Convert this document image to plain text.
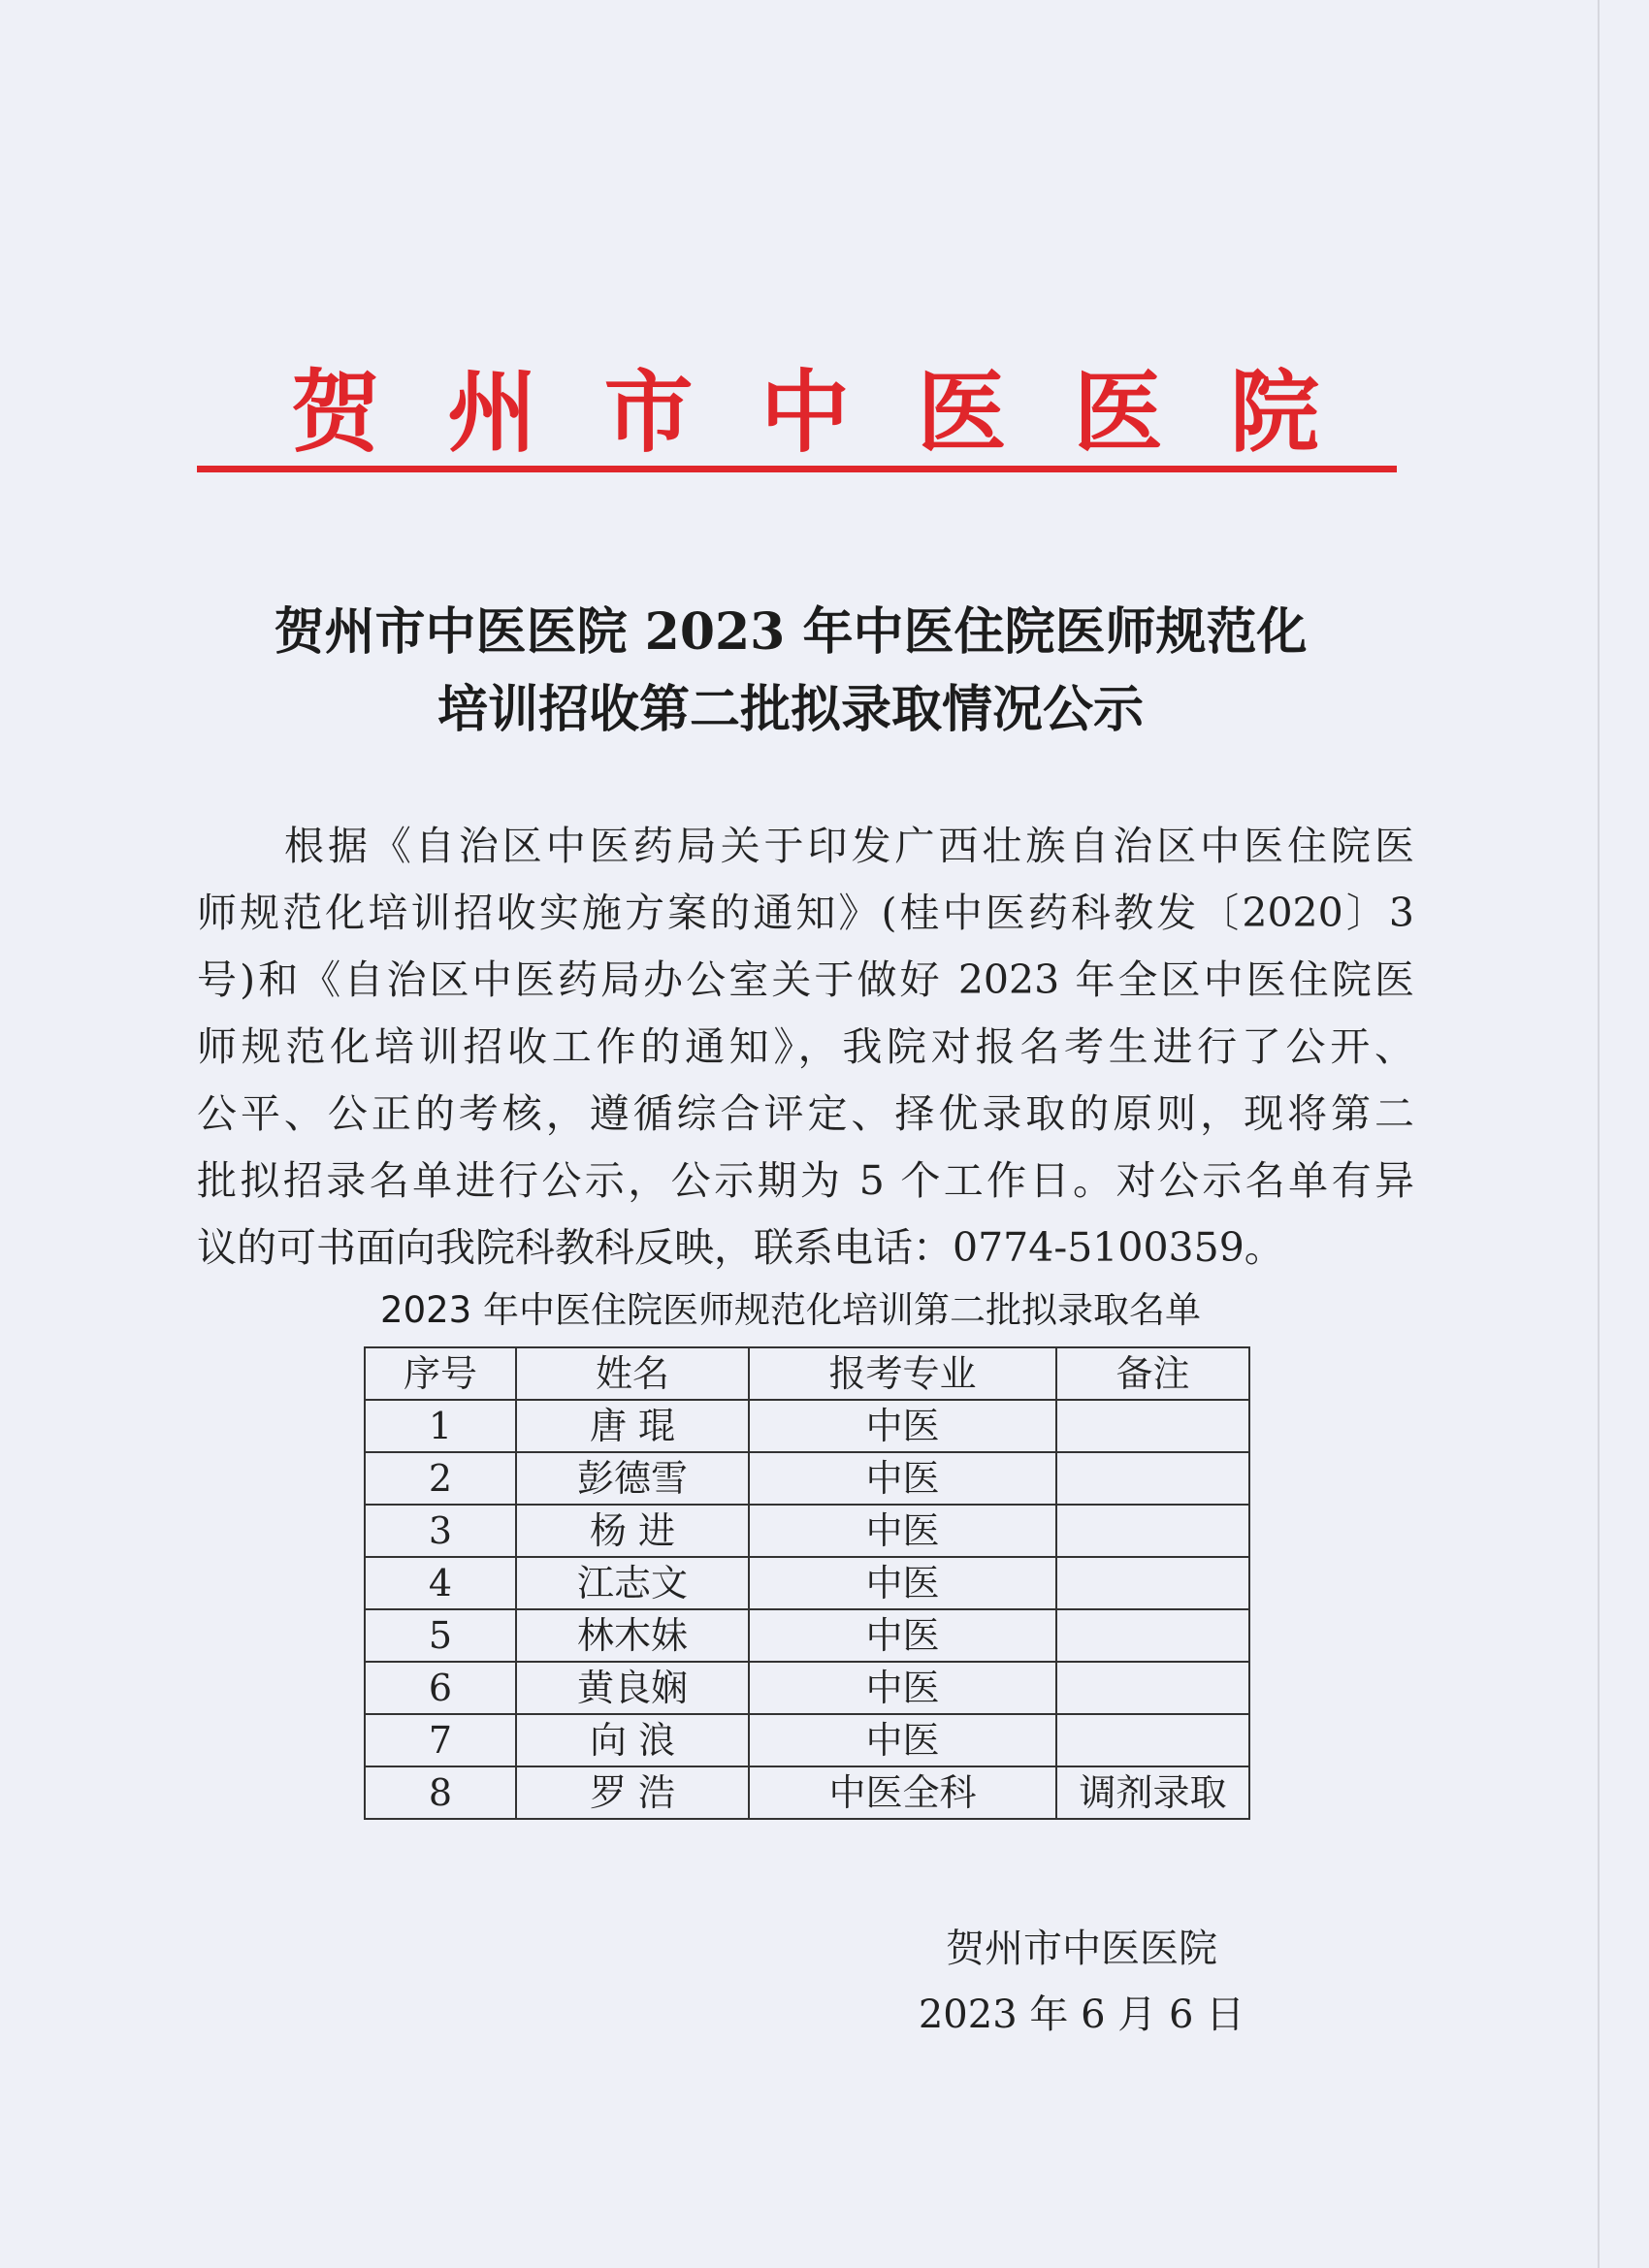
贺 州 市 中 医 医 院
贺州市中医医院 2023 年中医住院医师规范化
培训招收第二批拟录取情况公示
根据《自治区中医药局关于印发广西壮族自治区中医住院医
师规范化培训招收实施方案的通知》(桂中医药科教发〔2020〕3
号)和《自治区中医药局办公室关于做好 2023 年全区中医住院医
师规范化培训招收工作的通知》，我院对报名考生进行了公开、
公平、公正的考核，遵循综合评定、择优录取的原则，现将第二
批拟招录名单进行公示，公示期为 5 个工作日。对公示名单有异
议的可书面向我院科教科反映，联系电话：0774-5100359。
2023 年中医住院医师规范化培训第二批拟录取名单
序号	姓名	报考专业	备注
1	唐 琨	中医	
2	彭德雪	中医	
3	杨 进	中医	
4	江志文	中医	
5	林木妹	中医	
6	黄良娴	中医	
7	向 浪	中医	
8	罗 浩	中医全科	调剂录取
贺州市中医医院
2023 年 6 月 6 日
